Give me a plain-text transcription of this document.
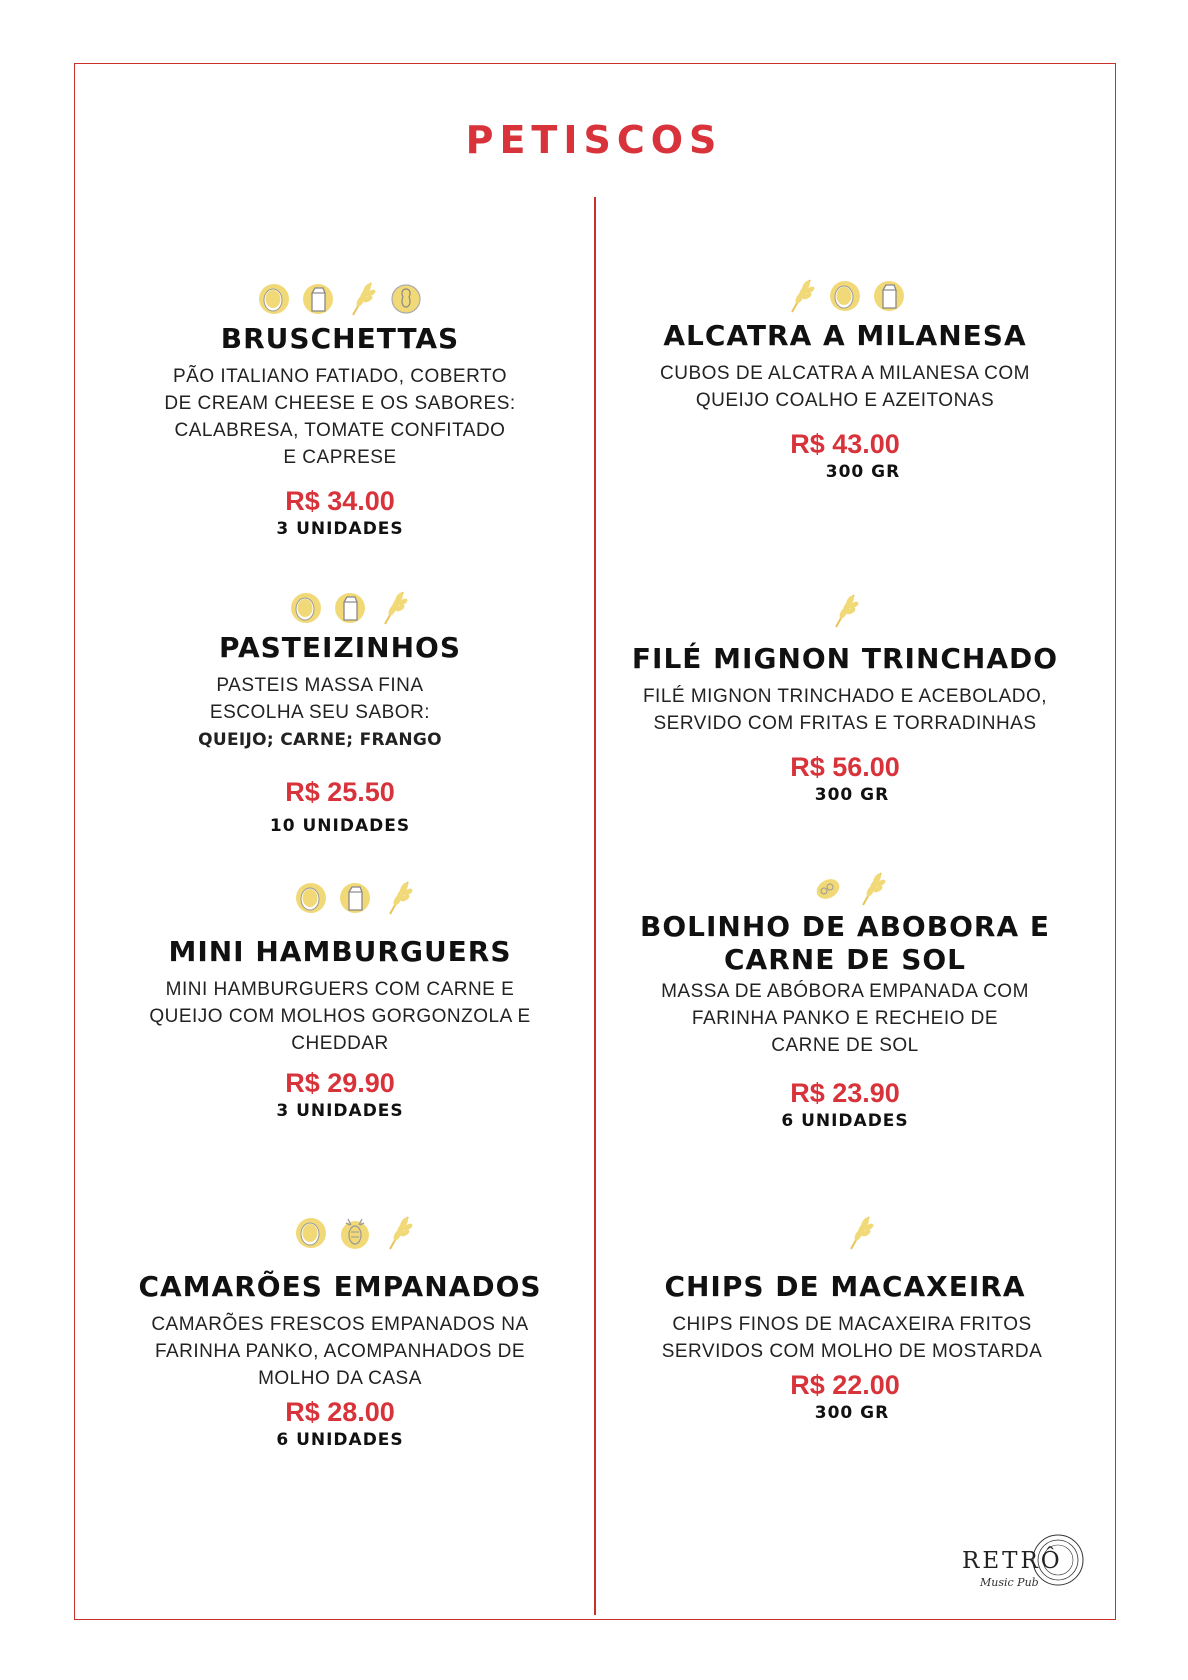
PETISCOS
BRUSCHETTAS

PÃO ITALIANO FATIADO, COBERTO
DE CREAM CHEESE E OS SABORES:
CALABRESA, TOMATE CONFITADO
E CAPRESE

R$ 34.00
3 UNIDADES
PASTEIZINHOS

PASTEIS MASSA FINA
ESCOLHA SEU SABOR:
QUEIJO; CARNE; FRANGO

R$ 25.50
10 UNIDADES
MINI HAMBURGUERS

MINI HAMBURGUERS COM CARNE E
QUEIJO COM MOLHOS GORGONZOLA E
CHEDDAR

R$ 29.90
3 UNIDADES
CAMARÕES EMPANADOS

CAMARÕES FRESCOS EMPANADOS NA
FARINHA PANKO, ACOMPANHADOS DE
MOLHO DA CASA

R$ 28.00
6 UNIDADES
ALCATRA A MILANESA

CUBOS DE ALCATRA A MILANESA COM
QUEIJO COALHO E AZEITONAS

R$ 43.00
300 GR
FILÉ MIGNON TRINCHADO

FILÉ MIGNON TRINCHADO E ACEBOLADO,
SERVIDO COM FRITAS E TORRADINHAS

R$ 56.00
300 GR
BOLINHO DE ABOBORA E
CARNE DE SOL

MASSA DE ABÓBORA EMPANADA COM
FARINHA PANKO E RECHEIO DE
CARNE DE SOL

R$ 23.90
6 UNIDADES
CHIPS DE MACAXEIRA

CHIPS FINOS DE MACAXEIRA FRITOS
SERVIDOS COM MOLHO DE MOSTARDA

R$ 22.00
300 GR
RETRÔ
Music Pub
